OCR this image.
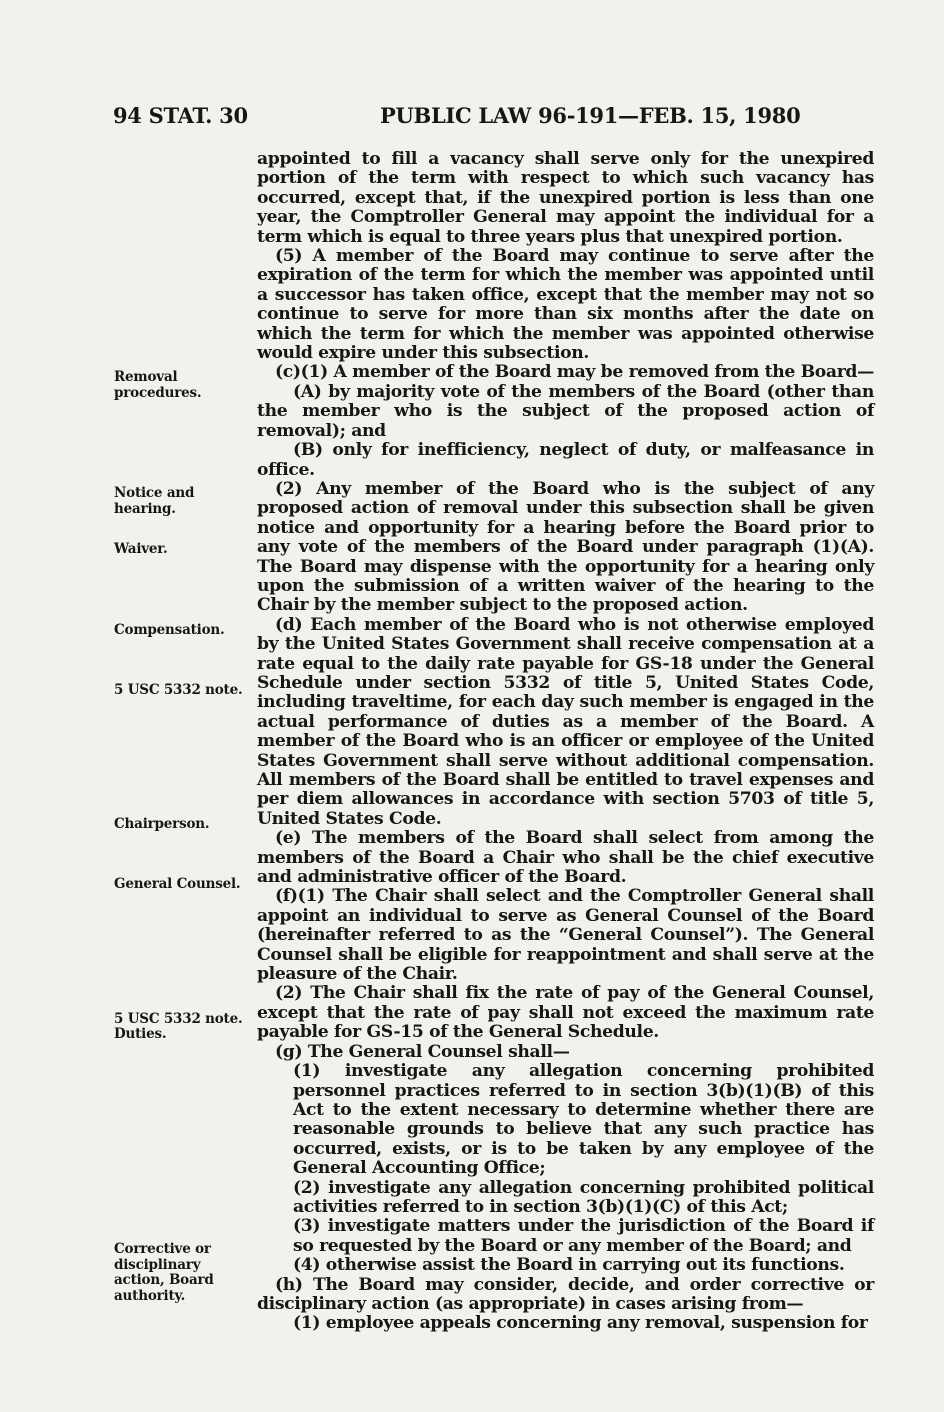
94 STAT. 30	PUBLIC LAW 96-191—FEB. 15, 1980
Removal procedures.
Notice and hearing.
Waiver.
Compensation.
5 USC 5332 note.
Chairperson.
General Counsel.
5 USC 5332 note.
Duties.
Corrective or disciplinary action, Board authority.

appointed to fill a vacancy shall serve only for the unexpired portion of the term with respect to which such vacancy has occurred, except that, if the unexpired portion is less than one year, the Comptroller General may appoint the individual for a term which is equal to three years plus that unexpired portion.

(5) A member of the Board may continue to serve after the expiration of the term for which the member was appointed until a successor has taken office, except that the member may not so continue to serve for more than six months after the date on which the term for which the member was appointed otherwise would expire under this subsection.

(c)(1) A member of the Board may be removed from the Board—

(A) by majority vote of the members of the Board (other than the member who is the subject of the proposed action of removal); and

(B) only for inefficiency, neglect of duty, or malfeasance in office.

(2) Any member of the Board who is the subject of any proposed action of removal under this subsection shall be given notice and opportunity for a hearing before the Board prior to any vote of the members of the Board under paragraph (1)(A). The Board may dispense with the opportunity for a hearing only upon the submission of a written waiver of the hearing to the Chair by the member subject to the proposed action.

(d) Each member of the Board who is not otherwise employed by the United States Government shall receive compensation at a rate equal to the daily rate payable for GS-18 under the General Schedule under section 5332 of title 5, United States Code, including traveltime, for each day such member is engaged in the actual performance of duties as a member of the Board. A member of the Board who is an officer or employee of the United States Government shall serve without additional compensation. All members of the Board shall be entitled to travel expenses and per diem allowances in accordance with section 5703 of title 5, United States Code.

(e) The members of the Board shall select from among the members of the Board a Chair who shall be the chief executive and administrative officer of the Board.

(f)(1) The Chair shall select and the Comptroller General shall appoint an individual to serve as General Counsel of the Board (hereinafter referred to as the “General Counsel”). The General Counsel shall be eligible for reappointment and shall serve at the pleasure of the Chair.

(2) The Chair shall fix the rate of pay of the General Counsel, except that the rate of pay shall not exceed the maximum rate payable for GS-15 of the General Schedule.

(g) The General Counsel shall—

(1) investigate any allegation concerning prohibited personnel practices referred to in section 3(b)(1)(B) of this Act to the extent necessary to determine whether there are reasonable grounds to believe that any such practice has occurred, exists, or is to be taken by any employee of the General Accounting Office;

(2) investigate any allegation concerning prohibited political activities referred to in section 3(b)(1)(C) of this Act;

(3) investigate matters under the jurisdiction of the Board if so requested by the Board or any member of the Board; and

(4) otherwise assist the Board in carrying out its functions.

(h) The Board may consider, decide, and order corrective or disciplinary action (as appropriate) in cases arising from—

(1) employee appeals concerning any removal, suspension for
